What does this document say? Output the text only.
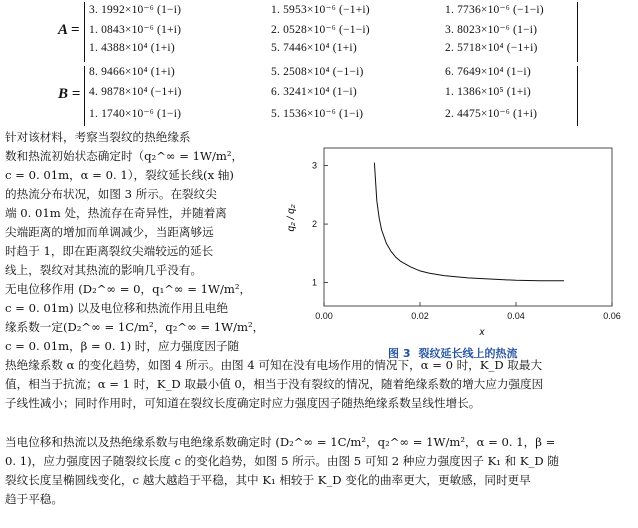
A =
3. 1992×10⁻⁶ (1−i)	1. 5953×10⁻⁶ (−1+i)	1. 7736×10⁻⁶ (−1−i)
1. 0843×10⁻⁶ (1+i)	2. 0528×10⁻⁶ (−1−i)	3. 8023×10⁻⁶ (1−i)
1. 4388×10⁴ (1+i)	5. 7446×10⁴ (1+i)	2. 5718×10⁴ (−1+i)
B =
8. 9466×10⁴ (1+i)	5. 2508×10⁴ (−1−i)	6. 7649×10⁴ (1−i)
4. 9878×10⁴ (−1+i)	6. 3241×10⁴ (1−i)	1. 1386×10⁵ (1+i)
1. 1740×10⁻⁶ (1−i)	5. 1536×10⁻⁶ (1−i)	2. 4475×10⁻⁶ (1+i)

针对该材料，考察当裂纹的热绝缘系

数和热流初始状态确定时（q₂^∞ = 1W/m²，

c = 0. 01m，α = 0. 1），裂纹延长线(x 轴)

的热流分布状况，如图 3 所示。在裂纹尖

端 0. 01m 处，热流存在奇异性，并随着离

尖端距离的增加而单调减少，当距离够远

时趋于 1，即在距离裂纹尖端较远的延长

线上，裂纹对其热流的影响几乎没有。

无电位移作用 (D₂^∞ = 0，q₁^∞ = 1W/m²，

c = 0. 01m) 以及电位移和热流作用且电绝

缘系数一定(D₂^∞ = 1C/m²，q₂^∞ = 1W/m²，

c = 0. 01m，β = 0. 1) 时，应力强度因子随

0.00	0.02	0.04	0.06
1
2
3
x
q₂ / q₂
图 3 裂纹延长线上的热流

热绝缘系数 α 的变化趋势，如图 4 所示。由图 4 可知在没有电场作用的情况下，α = 0 时，K_D 取最大

值，相当于抗流；α = 1 时，K_D 取最小值 0，相当于没有裂纹的情况，随着绝缘系数的增大应力强度因

子线性减小；同时作用时，可知道在裂纹长度确定时应力强度因子随热绝缘系数呈线性增长。

当电位移和热流以及热绝缘系数与电绝缘系数确定时 (D₂^∞ = 1C/m²，q₂^∞ = 1W/m²，α = 0. 1，β =

0. 1)，应力强度因子随裂纹长度 c 的变化趋势，如图 5 所示。由图 5 可知 2 种应力强度因子 K₁ 和 K_D 随

裂纹长度呈椭圆线变化，c 越大越趋于平稳，其中 K₁ 相较于 K_D 变化的曲率更大，更敏感，同时更早

趋于平稳。
